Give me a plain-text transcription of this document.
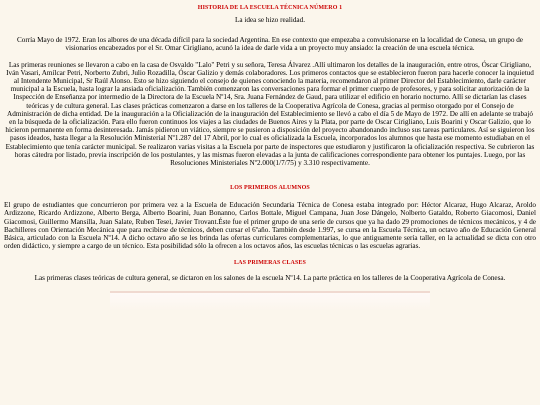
HISTORIA DE LA ESCUELA TÉCNICA NÚMERO 1

La idea se hizo realidad.

Corría Mayo de 1972. Eran los albores de una década difícil para la sociedad Argentina. En ese contexto que empezaba a convulsionarse en la localidad de Conesa, un grupo de visionarios encabezados por el Sr. Omar Cirigliano, acunó la idea de darle vida a un proyecto muy ansiado: la creación de una escuela técnica.

Las primeras reuniones se llevaron a cabo en la casa de Osvaldo "Lalo" Petri y su señora, Teresa Álvarez .Allí ultimaron los detalles de la inauguración, entre otros, Óscar Cirigliano, Iván Vasari, Amílcar Petri, Norberto Zubri, Julio Rozadilla, Óscar Galizio y demás colaboradores. Los primeros contactos que se establecieron fueron para hacerle conocer la inquietud al Intendente Municipal, Sr Raúl Alonso. Esto se hizo siguiendo el consejo de quienes conociendo la materia, recomendaron al primer Director del Establecimiento, darle carácter municipal a la Escuela, hasta lograr la ansiada oficialización. También comenzaron las conversaciones para formar el primer cuerpo de profesores, y para solicitar autorización de la Inspección de Enseñanza por intermedio de la Directora de la Escuela Nº14, Sra. Juana Fernández de Gaud, para utilizar el edificio en horario nocturno. Allí se dictarían las clases teóricas y de cultura general. Las clases prácticas comenzaron a darse en los talleres de la Cooperativa Agrícola de Conesa, gracias al permiso otorgado por el Consejo de Administración de dicha entidad. De la inauguración a la Oficialización de la inauguración del Establecimiento se llevó a cabo el día 5 de Mayo de 1972. De allí en adelante se trabajó en la búsqueda de la oficialización. Para ello fueron continuos los viajes a las ciudades de Buenos Aires y la Plata, por parte de Oscar Cirigliano, Luis Boarini y Oscar Galizio, que lo hicieron permanente en forma desinteresada. Jamás pidieron un viático, siempre se pusieron a disposición del proyecto abandonando incluso sus tareas particulares. Así se siguieron los pasos ideados, hasta llegar a la Resolución Ministerial Nº1.287 del 17 Abril, por lo cual es oficializada la Escuela, incorporados los alumnos que hasta ese momento estudiaban en el Establecimiento que tenía carácter municipal. Se realizaron varias visitas a la Escuela por parte de inspectores que estudiaron y justificaron la oficialización respectiva. Se cubrieron las horas cátedra por listado, previa inscripción de los postulantes, y las mismas fueron elevadas a la junta de calificaciones correspondiente para obtener los puntajes. Luego, por las Resoluciones Ministeriales Nº2.000(1/7/75) y 3.310 respectivamente.

LOS PRIMEROS ALUMNOS

El grupo de estudiantes que concurrieron por primera vez a la Escuela de Educación Secundaria Técnica de Conesa estaba integrado por: Héctor Alcaraz, Hugo Alcaraz, Aroldo Ardizzone, Ricardo Ardizzone, Alberto Berga, Alberto Boarini, Juan Bonanno, Carlos Bottale, Miguel Campana, Juan Jose Dángelo, Nolberto Gataldo, Roberto Giacomosi, Daniel Giacomosi, Guillermo Mansilla, Juan Salate, Ruben Tesei, Javier Trovant.Éste fue el primer grupo de una serie de cursos que ya ha dado 29 promociones de técnicos mecánicos, y 4 de Bachilleres con Orientación Mecánica que para recibirse de técnicos, deben cursar el 6ºaño. También desde 1.997, se cursa en la Escuela Técnica, un octavo año de Educación General Básica, articulado con la Escuela Nº14. A dicho octavo año se les brinda las ofertas curriculares complementarias, lo que antiguamente sería taller, en la actualidad se dicta con otro orden didáctico, y siempre a cargo de un técnico. Esta posibilidad sólo la ofrecen a los octavos años, las escuelas técnicas o las escuelas agrarias.

LAS PRIMERAS CLASES

Las primeras clases teóricas de cultura general, se dictaron en los salones de la escuela Nº14. La parte práctica en los talleres de la Cooperativa Agrícola de Conesa.
